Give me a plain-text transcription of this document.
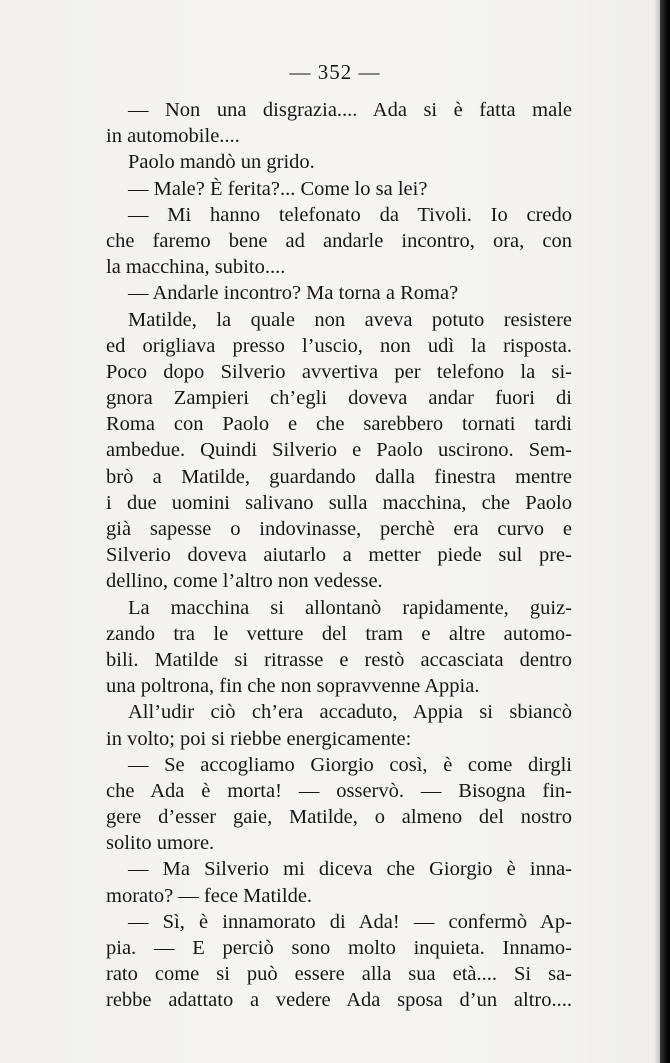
— 352 —
— Non una disgrazia.... Ada si è fatta male
in automobile....
Paolo mandò un grido.
— Male? È ferita?... Come lo sa lei?
— Mi hanno telefonato da Tivoli. Io credo
che faremo bene ad andarle incontro, ora, con
la macchina, subito....
— Andarle incontro? Ma torna a Roma?
Matilde, la quale non aveva potuto resistere
ed origliava presso l’uscio, non udì la risposta.
Poco dopo Silverio avvertiva per telefono la si-
gnora Zampieri ch’egli doveva andar fuori di
Roma con Paolo e che sarebbero tornati tardi
ambedue. Quindi Silverio e Paolo uscirono. Sem-
brò a Matilde, guardando dalla finestra mentre
i due uomini salivano sulla macchina, che Paolo
già sapesse o indovinasse, perchè era curvo e
Silverio doveva aiutarlo a metter piede sul pre-
dellino, come l’altro non vedesse.
La macchina si allontanò rapidamente, guiz-
zando tra le vetture del tram e altre automo-
bili. Matilde si ritrasse e restò accasciata dentro
una poltrona, fin che non sopravvenne Appia.
All’udir ciò ch’era accaduto, Appia si sbiancò
in volto; poi si riebbe energicamente:
— Se accogliamo Giorgio così, è come dirgli
che Ada è morta! — osservò. — Bisogna fin-
gere d’esser gaie, Matilde, o almeno del nostro
solito umore.
— Ma Silverio mi diceva che Giorgio è inna-
morato? — fece Matilde.
— Sì, è innamorato di Ada! — confermò Ap-
pia. — E perciò sono molto inquieta. Innamo-
rato come si può essere alla sua età.... Si sa-
rebbe adattato a vedere Ada sposa d’un altro....
